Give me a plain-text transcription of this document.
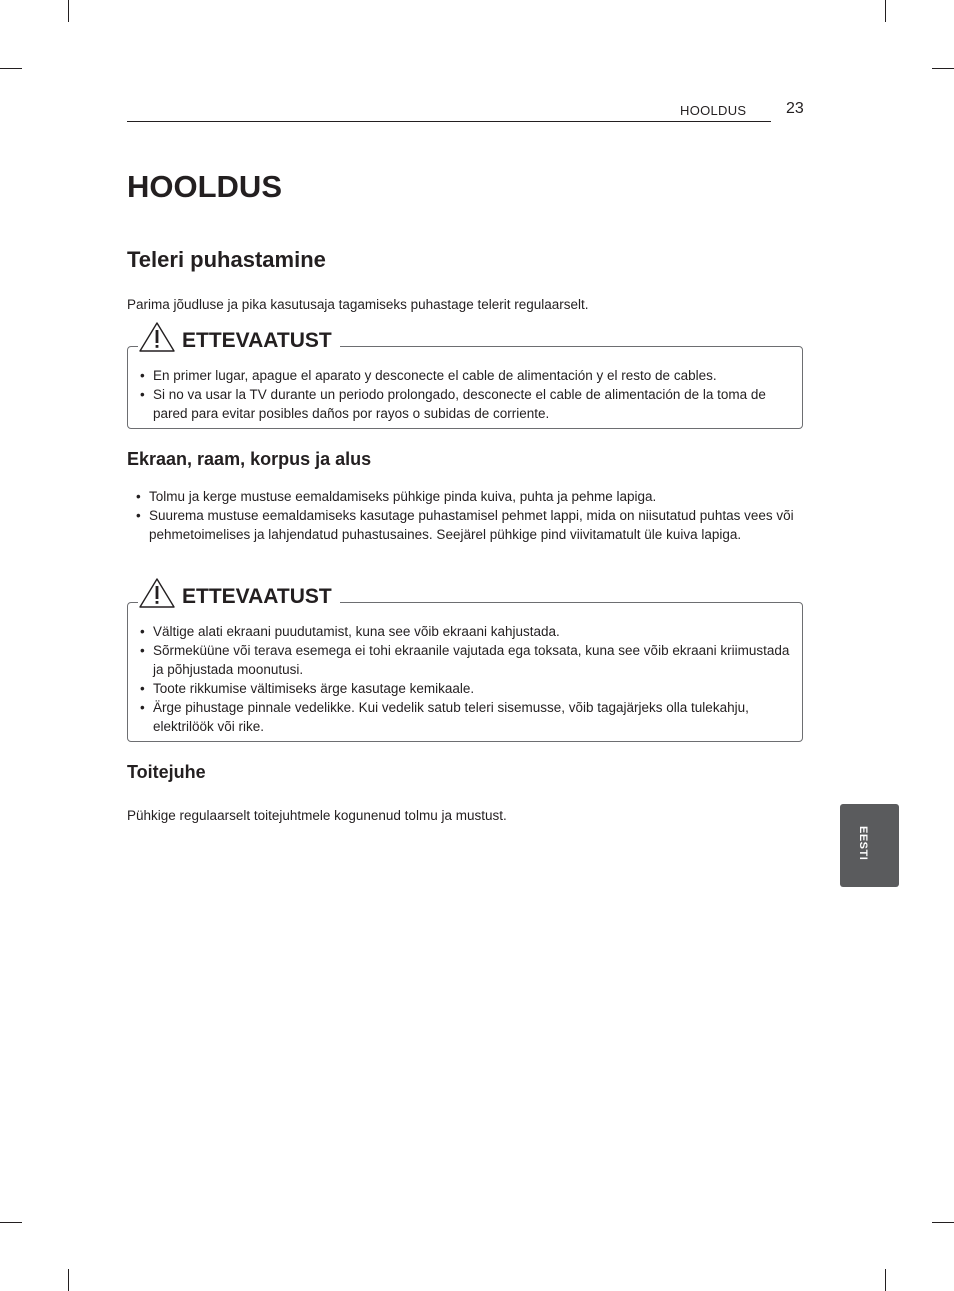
HOOLDUS 23
HOOLDUS
Teleri puhastamine
Parima jõudluse ja pika kasutusaja tagamiseks puhastage telerit regulaarselt.
ETTEVAATUST
• En primer lugar, apague el aparato y desconecte el cable de alimentación y el resto de cables.
• Si no va usar la TV durante un periodo prolongado, desconecte el cable de alimentación de la toma de pared para evitar posibles daños por rayos o subidas de corriente.
Ekraan, raam, korpus ja alus
• Tolmu ja kerge mustuse eemaldamiseks pühkige pinda kuiva, puhta ja pehme lapiga.
• Suurema mustuse eemaldamiseks kasutage puhastamisel pehmet lappi, mida on niisutatud puhtas vees või pehmetoimelises ja lahjendatud puhastusaines. Seejärel pühkige pind viivitamatult üle kuiva lapiga.
ETTEVAATUST
• Vältige alati ekraani puudutamist, kuna see võib ekraani kahjustada.
• Sõrmeküüne või terava esemega ei tohi ekraanile vajutada ega toksata, kuna see võib ekraani kriimustada ja põhjustada moonutusi.
• Toote rikkumise vältimiseks ärge kasutage kemikaale.
• Ärge pihustage pinnale vedelikke. Kui vedelik satub teleri sisemusse, võib tagajärjeks olla tulekahju, elektrilöök või rike.
Toitejuhe
Pühkige regulaarselt toitejuhtmele kogunenud tolmu ja mustust.
EESTI
